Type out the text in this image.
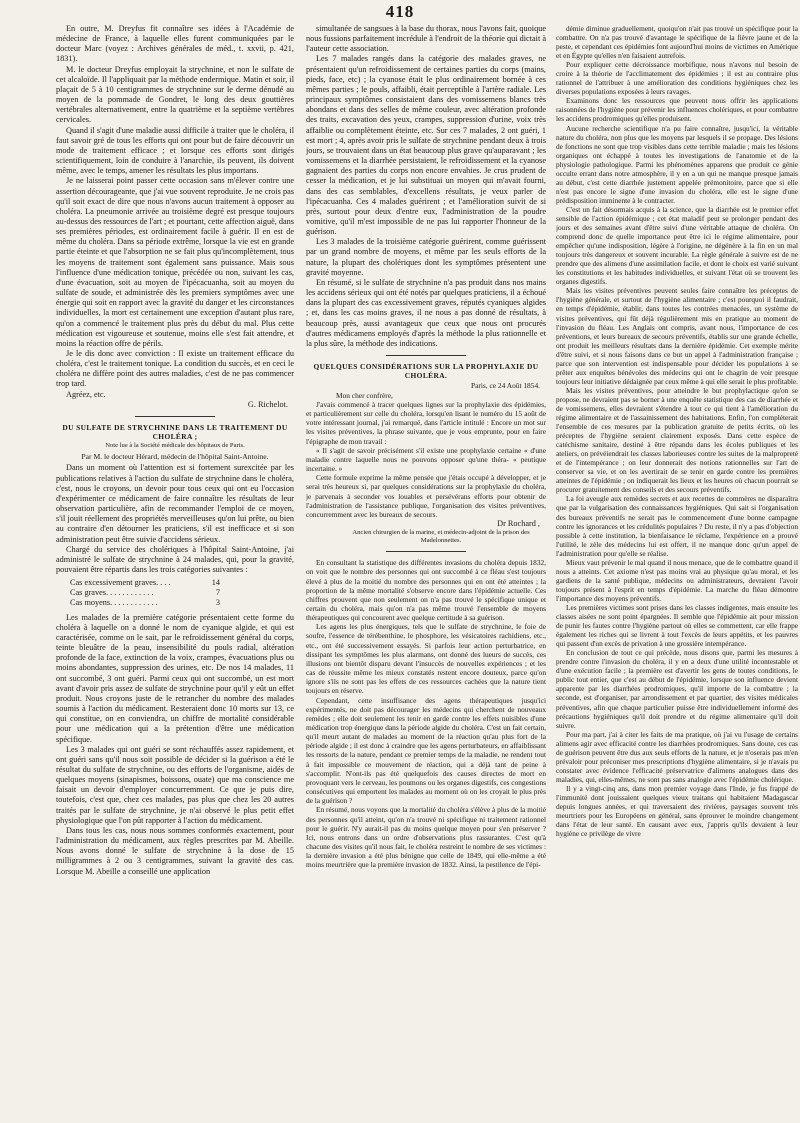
418

En outre, M. Dreyfus fit connaître ses idées à l'Académie de médecine de France, à laquelle elles furent communiquées par le docteur Marc (voyez : Archives générales de méd., t. xxvii, p. 421, 1831).

M. le docteur Dreyfus employait la strychnine, et non le sulfate de cet alcaloïde. Il l'appliquait par la méthode endermique. Matin et soir, il plaçait de 5 à 10 centigrammes de strychnine sur le derme dénudé au moyen de la pommade de Gondret, le long des deux gouttières vertébrales alternativement, entre la quatrième et la septième vertèbres cervicales.

Quand il s'agit d'une maladie aussi difficile à traiter que le choléra, il faut savoir gré de tous les efforts qui ont pour but de faire découvrir un mode de traitement efficace ; et lorsque ces efforts sont dirigés scientifiquement, loin de conduire à l'anarchie, ils peuvent, ils doivent même, avec le temps, amener les résultats les plus importans.

Je ne laisserai point passer cette occasion sans m'élever contre une assertion décourageante, que j'ai vue souvent reproduite. Je ne crois pas qu'il soit exact de dire que nous n'avons aucun traitement à opposer au choléra. La pneumonie arrivée au troisième degré est presque toujours au-dessus des ressources de l'art ; et pourtant, cette affection aiguë, dans ses premières périodes, est ordinairement facile à guérir. Il en est de même du choléra. Dans sa période extrême, lorsque la vie est en grande partie éteinte et que l'absorption ne se fait plus qu'incomplètement, tous les moyens de traitement sont également sans puissance. Mais sous l'influence d'une médication tonique, précédée ou non, suivant les cas, d'une évacuation, soit au moyen de l'ipécacuanha, soit au moyen du sulfate de soude, et administrée dès les premiers symptômes avec une énergie qui soit en rapport avec la gravité du danger et les circonstances individuelles, la mort est certainement une exception d'autant plus rare, qu'on a commencé le traitement plus près du début du mal. Plus cette médication est vigoureuse et soutenue, moins elle s'est fait attendre, et moins la réaction offre de périls.

Je le dis donc avec conviction : Il existe un traitement efficace du choléra, c'est le traitement tonique. La condition du succès, et en ceci le choléra ne diffère point des autres maladies, c'est de ne pas commencer trop tard.

Agréez, etc.

G. Richelot.
DU SULFATE DE STRYCHNINE DANS LE TRAITEMENT DU CHOLÉRA ;
Note lue à la Société médicale des hôpitaux de Paris.
Par M. le docteur Hérard, médecin de l'hôpital Saint-Antoine.

Dans un moment où l'attention est si fortement surexcitée par les publications relatives à l'action du sulfate de strychnine dans le choléra, c'est, nous le croyons, un devoir pour tous ceux qui ont eu l'occasion d'expérimenter ce médicament de faire connaître les résultats de leur observation particulière, afin de recommander l'emploi de ce moyen, s'il jouit réellement des propriétés merveilleuses qu'on lui prête, ou bien au contraire d'en détourner les praticiens, s'il est inefficace et si son administration peut être suivie d'accidens sérieux.

Chargé du service des cholériques à l'hôpital Saint-Antoine, j'ai administré le sulfate de strychnine à 24 malades, qui, pour la gravité, pouvaient être répartis dans les trois catégories suivantes :

Cas excessivement graves. . . .	14
Cas graves. . . . . . . . . . . .	7
Cas moyens. . . . . . . . . . . .	3

Les malades de la première catégorie présentaient cette forme du choléra à laquelle on a donné le nom de cyanique algide, et qui est caractérisée, comme on le sait, par le refroidissement général du corps, teinte bleuâtre de la peau, insensibilité du pouls radial, altération profonde de la face, extinction de la voix, crampes, évacuations plus ou moins abondantes, suppression des urines, etc. De nos 14 malades, 11 ont succombé, 3 ont guéri. Parmi ceux qui ont succombé, un est mort avant d'avoir pris assez de sulfate de strychnine pour qu'il y eût un effet produit. Nous croyons juste de le retrancher du nombre des malades soumis à l'action du médicament. Resteraient donc 10 morts sur 13, ce qui constitue, on en conviendra, un chiffre de mortalité considérable pour une médication qui a la prétention d'être une médication spécifique.

Les 3 malades qui ont guéri se sont réchauffés assez rapidement, et ont guéri sans qu'il nous soit possible de décider si la guérison a été le résultat du sulfate de strychnine, ou des efforts de l'organisme, aidés de quelques moyens (sinapismes, boissons, ouate) que ma conscience me faisait un devoir d'employer concurremment. Ce que je puis dire, toutefois, c'est que, chez ces malades, pas plus que chez les 20 autres traités par le sulfate de strychnine, je n'ai observé le plus petit effet physiologique que l'on pût rapporter à l'action du médicament.

Dans tous les cas, nous nous sommes conformés exactement, pour l'administration du médicament, aux règles prescrites par M. Abeille. Nous avons donné le sulfate de strychnine à la dose de 15 milligrammes à 2 ou 3 centigrammes, suivant la gravité des cas. Lorsque M. Abeille a conseillé une application

simultanée de sangsues à la base du thorax, nous l'avons fait, quoique nous fussions parfaitement incrédule à l'endroit de la théorie qui dictait à l'auteur cette association.

Les 7 malades rangés dans la catégorie des malades graves, ne présentaient qu'un refroidissement de certaines parties du corps (mains, pieds, face, etc) ; la cyanose était le plus ordinairement bornée à ces mêmes parties ; le pouls, affaibli, était perceptible à l'artère radiale. Les principaux symptômes consistaient dans des vomissemens blancs très abondans et dans des selles de même couleur, avec altération profonde des traits, excavation des yeux, crampes, suppression d'urine, voix très affaiblie ou complètement éteinte, etc. Sur ces 7 malades, 2 ont guéri, 1 est mort ; 4, après avoir pris le sulfate de strychnine pendant deux à trois jours, se trouvaient dans un état beaucoup plus grave qu'auparavant ; les vomissemens et la diarrhée persistaient, le refroidissement et la cyanose gagnaient des parties du corps non encore envahies. Je crus prudent de cesser la médication, et je lui substituai un moyen qui m'avait fourni, dans des cas semblables, d'excellens résultats, je veux parler de l'ipécacuanha. Ces 4 malades guérirent ; et l'amélioration suivit de si près, surtout pour deux d'entre eux, l'administration de la poudre vomitive, qu'il m'est impossible de ne pas lui rapporter l'honneur de la guérison.

Les 3 malades de la troisième catégorie guérirent, comme guérissent par un grand nombre de moyens, et même par les seuls efforts de la nature, la plupart des cholériques dont les symptômes présentent une gravité moyenne.

En résumé, si le sulfate de strychnine n'a pas produit dans nos mains les accidens sérieux qui ont été notés par quelques praticiens, il a échoué dans la plupart des cas excessivement graves, réputés cyaniques algides ; et, dans les cas moins graves, il ne nous a pas donné de résultats, à beaucoup près, aussi avantageux que ceux que nous ont procurés d'autres médicamens employés d'après la méthode la plus rationnelle et la plus sûre, la méthode des indications.

QUELQUES CONSIDÉRATIONS SUR LA PROPHYLAXIE DU CHOLÉRA.
Paris, ce 24 Août 1854.
Mon cher confrère,

J'avais commencé à tracer quelques lignes sur la prophylaxie des épidémies, et particulièrement sur celle du choléra, lorsqu'en lisant le numéro du 15 août de votre intéressant journal, j'ai remarqué, dans l'article intitulé : Encore un mot sur les visites préventives, la phrase suivante, que je vous emprunte, pour en faire l'épigraphe de mon travail :

« Il s'agit de savoir précisément s'il existe une prophylaxie certaine « d'une maladie contre laquelle nous ne pouvons opposer qu'une théra- « peutique incertaine. »

Cette formule exprime la même pensée que j'étais occupé à développer, et je serai très heureux si, par quelques considérations sur la prophylaxie du choléra, je parvenais à seconder vos louables et persévérans efforts pour obtenir de l'administration de l'assistance publique, l'organisation des visites préventives, concurremment avec les bureaux de secours.

Dr Rochard ,
Ancien chirurgien de la marine, et médecin-adjoint de la prison des Madelonnettes.

En consultant la statistique des différentes invasions du choléra depuis 1832, on voit que le nombre des personnes qui ont succombé à ce fléau s'est toujours élevé à plus de la moitié du nombre des personnes qui en ont été atteintes ; la proportion de la même mortalité s'observe encore dans l'épidémie actuelle. Ces chiffres prouvent que non seulement on n'a pas trouvé le spécifique unique et certain du choléra, mais qu'on n'a pas même trouvé l'ensemble de moyens thérapeutiques qui concourent avec quelque certitude à sa guérison.

Les agens les plus énergiques, tels que le sulfate de strychnine, le foie de soufre, l'essence de térébenthine, le phosphore, les vésicatoires rachidiens, etc., etc., ont été successivement essayés. Si parfois leur action perturbatrice, en dissipant les symptômes les plus alarmans, ont donné des lueurs de succès, ces illusions ont bientôt disparu devant l'insuccès de nouvelles expériences ; et les cas de réussite même les mieux constatés restent encore douteux, parce qu'on ignore s'ils ne sont pas les effets de ces ressources cachées que la nature tient toujours en réserve.

Cependant, cette insuffisance des agens thérapeutiques jusqu'ici expérimentés, ne doit pas décourager les médecins qui cherchent de nouveaux remèdes ; elle doit seulement les tenir en garde contre les effets nuisibles d'une médication trop énergique dans la période algide du choléra. C'est un fait certain, qu'il meurt autant de malades au moment de la réaction qu'au plus fort de la période algide ; il est donc à craindre que les agens perturbateurs, en affaiblissant les ressorts de la nature, pendant ce premier temps de la maladie, ne rendent tout à fait impossible ce mouvement de réaction, qui a déjà tant de peine à s'accomplir. N'ont-ils pas été quelquefois des causes directes de mort en provoquant vers le cerveau, les poumons ou les organes digestifs, ces congestions consécutives qui emportent les malades au moment où on les croyait le plus près de la guérison ?

En résumé, nous voyons que la mortalité du choléra s'élève à plus de la moitié des personnes qu'il atteint, qu'on n'a trouvé ni spécifique ni traitement rationnel pour le guérir. N'y aurait-il pas du moins quelque moyen pour s'en préserver ? Ici, nous entrons dans un ordre d'observations plus rassurantes. C'est qu'à chacune des visites qu'il nous fait, le choléra restreint le nombre de ses victimes : la dernière invasion a été plus bénigne que celle de 1849, qui elle-même a été moins meurtrière que la première invasion de 1832. Ainsi, la pestilence de l'épi-

démie diminue graduellement, quoiqu'on n'ait pas trouvé un spécifique pour la combattre. On n'a pas trouvé d'avantage le spécifique de la fièvre jaune et de la peste, et cependant ces épidémies font aujourd'hui moins de victimes en Amérique et en Égypte qu'elles n'en faisaient autrefois.

Pour expliquer cette décroissance morbifique, nous n'avons nul besoin de croire à la théorie de l'acclimatement des épidémies ; il est au contraire plus rationnel de l'attribuer à une amélioration des conditions hygiéniques chez les diverses populations exposées à leurs ravages.

Examinons donc les ressources que peuvent nous offrir les applications raisonnées de l'hygiène pour prévenir les influences cholériques, et pour combattre les accidens prodromiques qu'elles produisent.

Aucune recherche scientifique n'a pu faire connaître, jusqu'ici, la véritable nature du choléra, non plus que les moyens par lesquels il se propage. Des lésions de fonctions ne sont que trop visibles dans cette terrible maladie ; mais les lésions organiques ont échappé à toutes les investigations de l'anatomie et de la physiologie pathologique. Parmi les phénomènes apparens que produit ce génie occulte errant dans notre atmosphère, il y en a un qui ne manque presque jamais au début, c'est cette diarrhée justement appelée prémonitoire, parce que si elle n'est pas encore le signe d'une invasion du choléra, elle est le signe d'une prédisposition imminente à le contracter.

C'est un fait désormais acquis à la science, que la diarrhée est le premier effet sensible de l'action épidémique ; cet état maladif peut se prolonger pendant des jours et des semaines avant d'être suivi d'une véritable attaque de choléra. On comprend donc de quelle importance peut être ici le régime alimentaire, pour empêcher qu'une indisposition, légère à l'origine, ne dégénère à la fin en un mal toujours très dangereux et souvent incurable. La règle générale à suivre est de ne prendre que des alimens d'une assimilation facile, et dont le choix est varié suivant les constitutions et les habitudes individuelles, et suivant l'état où se trouvent les organes digestifs.

Mais les visites préventives peuvent seules faire connaître les préceptes de l'hygiène générale, et surtout de l'hygiène alimentaire ; c'est pourquoi il faudrait, en temps d'épidémie, établir, dans toutes les contrées menacées, un système de visites préventives, qui fût déjà régulièrement mis en pratique au moment de l'invasion du fléau. Les Anglais ont compris, avant nous, l'importance de ces préventions, et leurs bureaux de secours préventifs, établis sur une grande échelle, ont produit les meilleurs résultats dans la dernière épidémie. Cet exemple mérite d'être suivi, et si nous faisons dans ce but un appel à l'administration française ; parce que son intervention est indispensable pour décider les populations à se prêter aux enquêtes bénévoles des médecins qui ont le chagrin de voir presque toujours leur initiative dédaignée par ceux même à qui elle serait le plus profitable.

Mais les visites préventives, pour atteindre le but prophylactique qu'on se propose, ne devraient pas se borner à une enquête statistique des cas de diarrhée et de vomissemens, elles devraient s'étendre à tout ce qui tient à l'amélioration du régime alimentaire et de l'assainissement des habitations. Enfin, l'on compléterait l'ensemble de ces mesures par la publication gratuite de petits écrits, où les préceptes de l'hygiène seraient clairement exposés. Dans cette espèce de catéchisme sanitaire, destiné à être répandu dans les écoles publiques et les ateliers, on prévéiendrait les classes laborieuses contre les suites de la malpropreté et de l'intempérance ; on leur donnerait des notions rationnelles sur l'art de conserver sa vie, et on les avertirait de se tenir en garde contre les premières atteintes de l'épidémie ; on indiquerait les lieux et les heures où chacun pourrait se procurer gratuitement des conseils et des secours préventifs.

La foi aveugle aux remèdes secrets et aux recettes de commères ne disparaîtra que par la vulgarisation des connaissances hygiéniques. Qui sait si l'organisation des bureaux préventifs ne serait pas le commencement d'une bonne campagne contre les ignorances et les crédulités populaires ? Du reste, il n'y a pas d'objection possible à cette institution, la bienfaisance le réclame, l'expérience en a prouvé l'utilité, le zèle des médecins lui est offert, il ne manque donc qu'un appel de l'administration pour qu'elle se réalise.

Mieux vaut prévenir le mal quand il nous menace, que de le combattre quand il nous a atteints. Cet axiome n'est pas moins vrai au physique qu'au moral, et les gardiens de la santé publique, médecins ou administrateurs, devraient l'avoir toujours présent à l'esprit en temps d'épidémie. La marche du fléau démontre l'importance des moyens préventifs.

Les premières victimes sont prises dans les classes indigentes, mais ensuite les classes aisées ne sont point épargnées. Il semble que l'épidémie ait pour mission de punir les fautes contre l'hygiène partout où elles se commettent, car elle frappe également les riches qui se livrent à tout l'excès de leurs appétits, et les pauvres qui passent d'un excès de privation à une grossière intempérance.

En conclusion de tout ce qui précède, nous disons que, parmi les mesures à prendre contre l'invasion du choléra, il y en a deux d'une utilité incontestable et d'une exécution facile ; la première est d'avertir les gens de toutes conditions, le public tout entier, que c'est au début de l'épidémie, lorsque son influence devient apparente par les diarrhées prodromiques, qu'il importe de la combattre ; la seconde, est d'organiser, par arrondissement et par quartier, des visites médicales préventives, afin que chaque particulier puisse être individuellement informé des précautions hygiéniques qu'il doit prendre et du régime alimentaire qu'il doit suivre.

Pour ma part, j'ai à citer les faits de ma pratique, où j'ai vu l'usage de certains alimens agir avec efficacité contre les diarrhées prodromiques. Sans doute, ces cas de guérison peuvent être dus aux seuls efforts de la nature, et je n'oserais pas m'en prévaloir pour préconiser mes prescriptions d'hygiène alimentaire, si je n'avais pu constater avec évidence l'efficacité préservatrice d'alimens analogues dans des maladies, qui, elles-mêmes, ne sont pas sans analogie avec l'épidémie cholérique.

Il y a vingt-cinq ans, dans mon premier voyage dans l'Inde, je fus frappé de l'immunité dont jouissaient quelques vieux traitans qui habitaient Madagascar depuis longues années, et qui traversaient des rivières, paysages souvent très meurtriers pour les Européens en général, sans éprouver le moindre changement dans l'état de leur santé. En causant avec eux, j'appris qu'ils devaient à leur hygiène ce privilège de vivre
